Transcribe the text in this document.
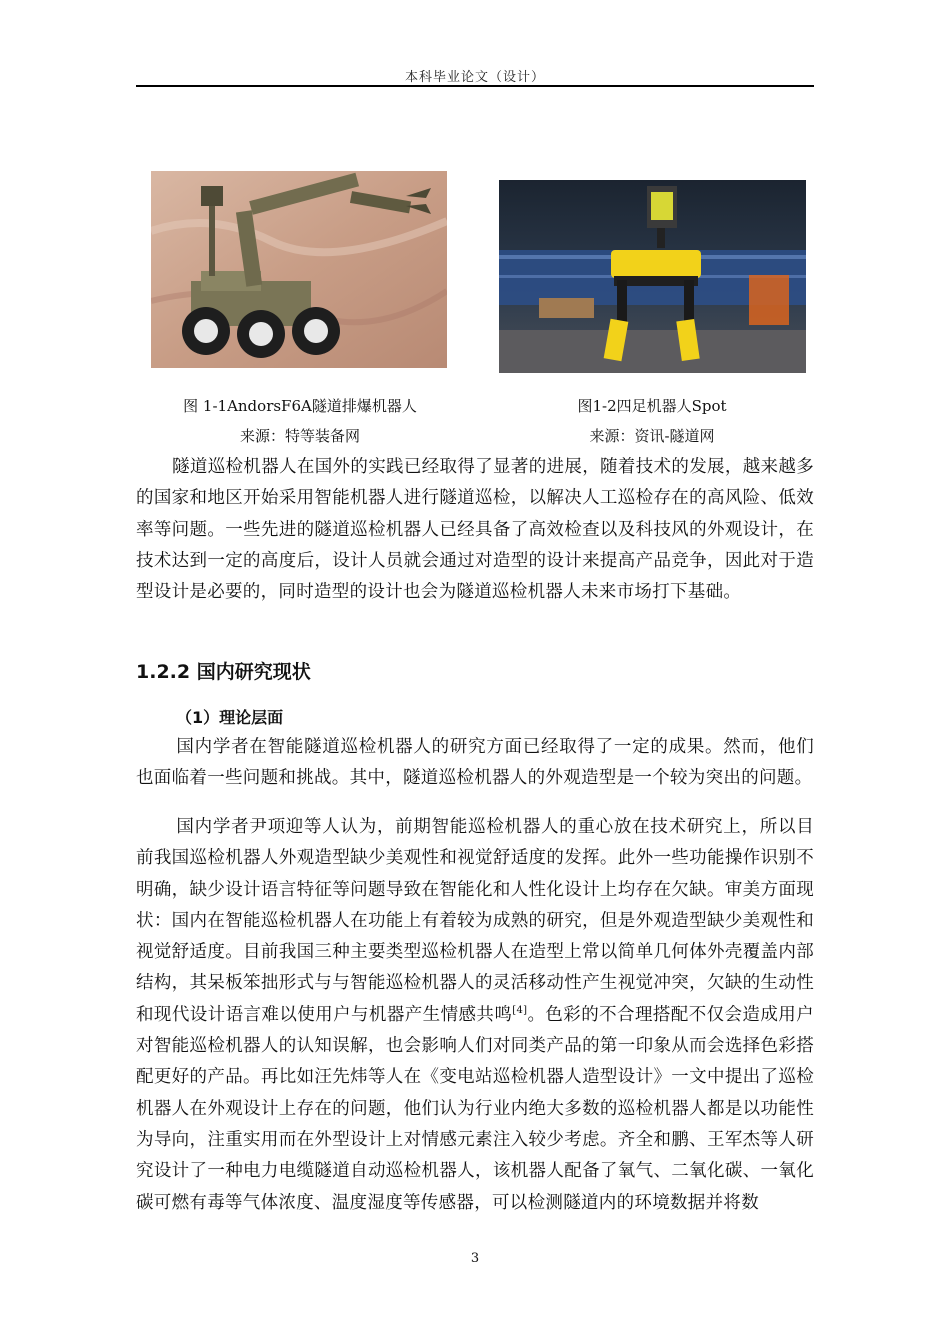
本科毕业论文（设计）
图 1-1AndorsF6A隧道排爆机器人
来源：特等装备网
图1-2四足机器人Spot
来源：资讯-隧道网

隧道巡检机器人在国外的实践已经取得了显著的进展，随着技术的发展，越来越多的国家和地区开始采用智能机器人进行隧道巡检，以解决人工巡检存在的高风险、低效率等问题。一些先进的隧道巡检机器人已经具备了高效检查以及科技风的外观设计，在技术达到一定的高度后，设计人员就会通过对造型的设计来提高产品竞争，因此对于造型设计是必要的，同时造型的设计也会为隧道巡检机器人未来市场打下基础。

1.2.2 国内研究现状
（1）理论层面

国内学者在智能隧道巡检机器人的研究方面已经取得了一定的成果。然而，他们也面临着一些问题和挑战。其中，隧道巡检机器人的外观造型是一个较为突出的问题。

国内学者尹项迎等人认为，前期智能巡检机器人的重心放在技术研究上，所以目前我国巡检机器人外观造型缺少美观性和视觉舒适度的发挥。此外一些功能操作识别不明确，缺少设计语言特征等问题导致在智能化和人性化设计上均存在欠缺。审美方面现状：国内在智能巡检机器人在功能上有着较为成熟的研究，但是外观造型缺少美观性和视觉舒适度。目前我国三种主要类型巡检机器人在造型上常以简单几何体外壳覆盖内部结构，其呆板笨拙形式与与智能巡检机器人的灵活移动性产生视觉冲突，欠缺的生动性和现代设计语言难以使用户与机器产生情感共鸣[4]。色彩的不合理搭配不仅会造成用户对智能巡检机器人的认知误解，也会影响人们对同类产品的第一印象从而会选择色彩搭配更好的产品。再比如汪先炜等人在《变电站巡检机器人造型设计》一文中提出了巡检机器人在外观设计上存在的问题，他们认为行业内绝大多数的巡检机器人都是以功能性为导向，注重实用而在外型设计上对情感元素注入较少考虑。齐全和鹏、王军杰等人研究设计了一种电力电缆隧道自动巡检机器人，该机器人配备了氧气、二氧化碳、一氧化碳可燃有毒等气体浓度、温度湿度等传感器，可以检测隧道内的环境数据并将数

3
